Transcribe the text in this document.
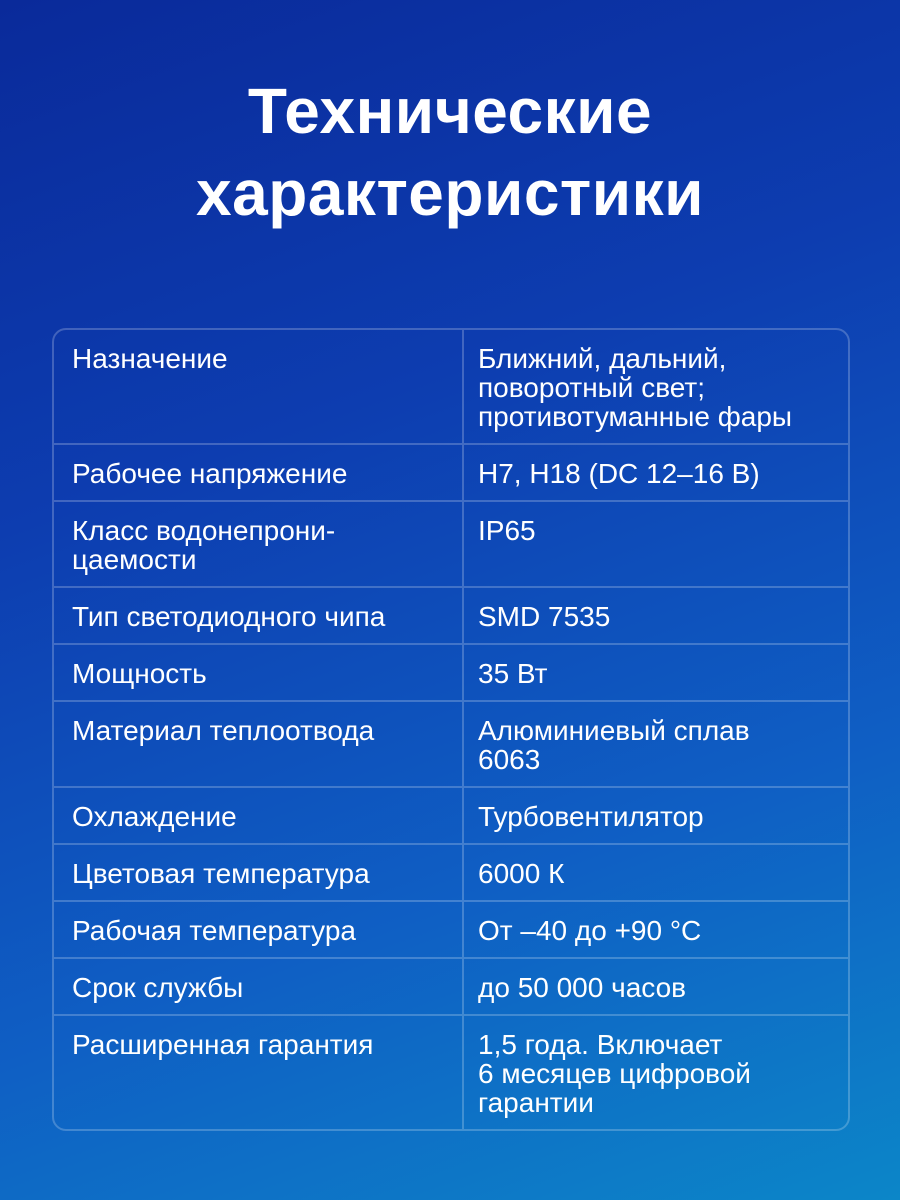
Технические
характеристики
Назначение	Ближний, дальний,
поворотный свет;
противотуманные фары
Рабочее напряжение	H7, H18 (DC 12–16 В)
Класс водонепрони-
цаемости
IP65
Тип светодиодного чипа	SMD 7535
Мощность	35 Вт
Материал теплоотвода	Алюминиевый сплав
6063
Охлаждение	Турбовентилятор
Цветовая температура	6000 К
Рабочая температура	От –40 до +90 °С
Срок службы	до 50 000 часов
Расширенная гарантия	1,5 года. Включает
6 месяцев цифровой
гарантии
